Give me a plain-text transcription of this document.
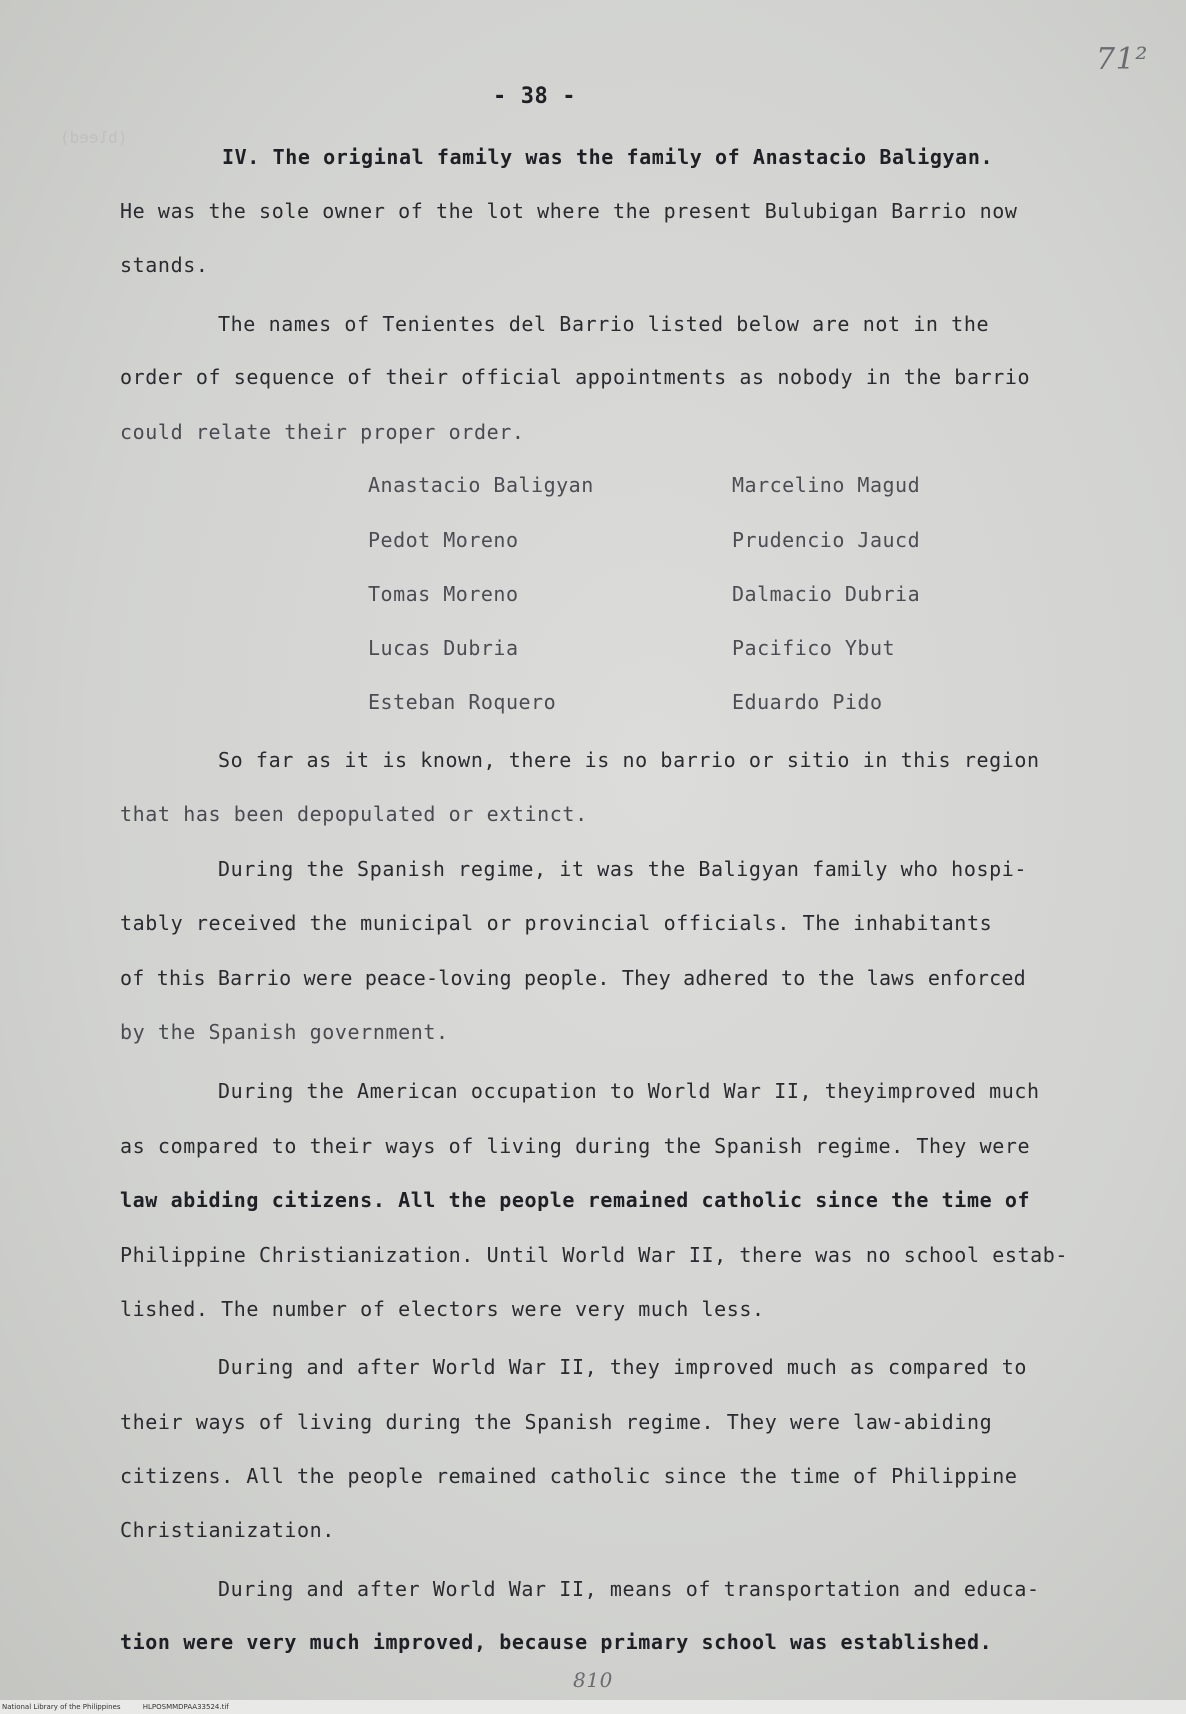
(bleed)
71²
- 38 -
IV. The original family was the family of Anastacio Baligyan.
He was the sole owner of the lot where the present Bulubigan Barrio now
stands.
The names of Tenientes del Barrio listed below are not in the
order of sequence of their official appointments as nobody in the barrio
could relate their proper order.
Anastacio Baligyan
Pedot Moreno
Tomas Moreno
Lucas Dubria
Esteban Roquero
Marcelino Magud
Prudencio Jaucd
Dalmacio Dubria
Pacifico Ybut
Eduardo Pido
So far as it is known, there is no barrio or sitio in this region
that has been depopulated or extinct.
During the Spanish regime, it was the Baligyan family who hospi-
tably received the municipal or provincial officials. The inhabitants
of this Barrio were peace-loving people. They adhered to the laws enforced
by the Spanish government.
During the American occupation to World War II, theyimproved much
as compared to their ways of living during the Spanish regime. They were
law abiding citizens. All the people remained catholic since the time of
Philippine Christianization. Until World War II, there was no school estab-
lished. The number of electors were very much less.
During and after World War II, they improved much as compared to
their ways of living during the Spanish regime. They were law-abiding
citizens. All the people remained catholic since the time of Philippine
Christianization.
During and after World War II, means of transportation and educa-
tion were very much improved, because primary school was established.
810
National Library of the Philippines	HLPOSMMDPAA33524.tif
